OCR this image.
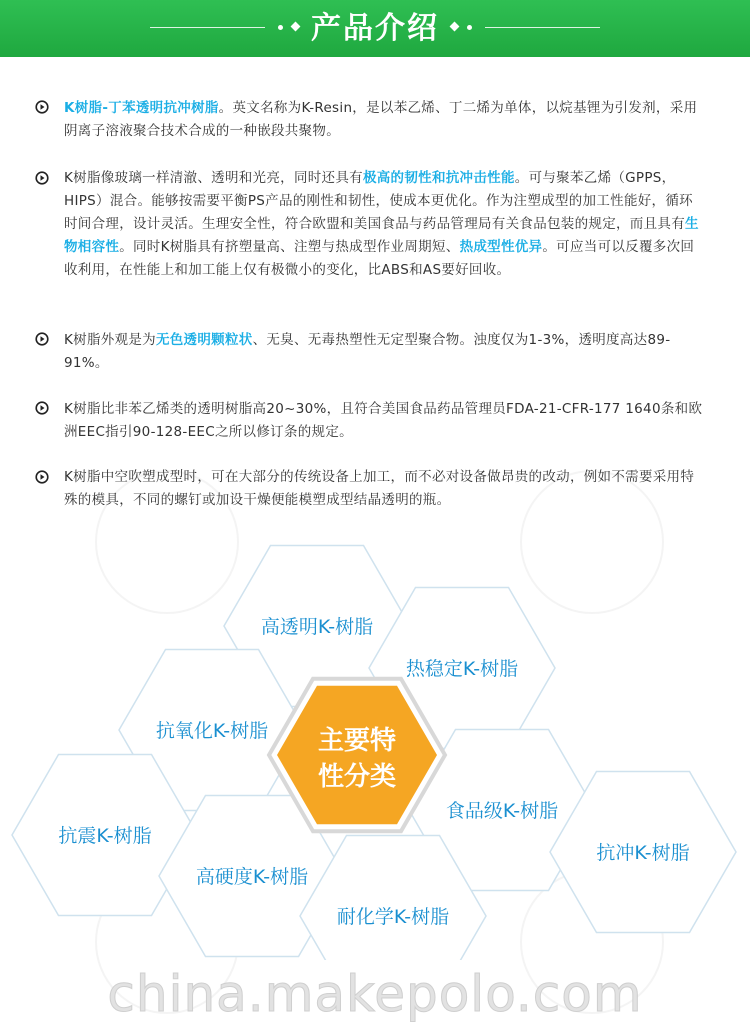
产品介绍
K树脂-丁苯透明抗冲树脂。英文名称为K-Resin，是以苯乙烯、丁二烯为单体，以烷基锂为引发剂，采用阴离子溶液聚合技术合成的一种嵌段共聚物。
K树脂像玻璃一样清澈、透明和光亮，同时还具有极高的韧性和抗冲击性能。可与聚苯乙烯（GPPS，HIPS）混合。能够按需要平衡PS产品的刚性和韧性，使成本更优化。作为注塑成型的加工性能好，循环时间合理，设计灵活。生理安全性，符合欧盟和美国食品与药品管理局有关食品包装的规定，而且具有生物相容性。同时K树脂具有挤塑量高、注塑与热成型作业周期短、热成型性优异。可应当可以反覆多次回收利用，在性能上和加工能上仅有极微小的变化，比ABS和AS要好回收。
K树脂外观是为无色透明颗粒状、无臭、无毒热塑性无定型聚合物。浊度仅为1-3%，透明度高达89-91%。
K树脂比非苯乙烯类的透明树脂高20~30%，且符合美国食品药品管理员FDA-21-CFR-177 1640条和欧洲EEC指引90-128-EEC之所以修订条的规定。
K树脂中空吹塑成型时，可在大部分的传统设备上加工，而不必对设备做昂贵的改动，例如不需要采用特殊的模具，不同的螺钉或加设干燥便能模塑成型结晶透明的瓶。
高透明K-树脂
热稳定K-树脂
抗氧化K-树脂
食品级K-树脂
抗震K-树脂
高硬度K-树脂
抗冲K-树脂
耐化学K-树脂
主要特
性分类
china.makepolo.com
